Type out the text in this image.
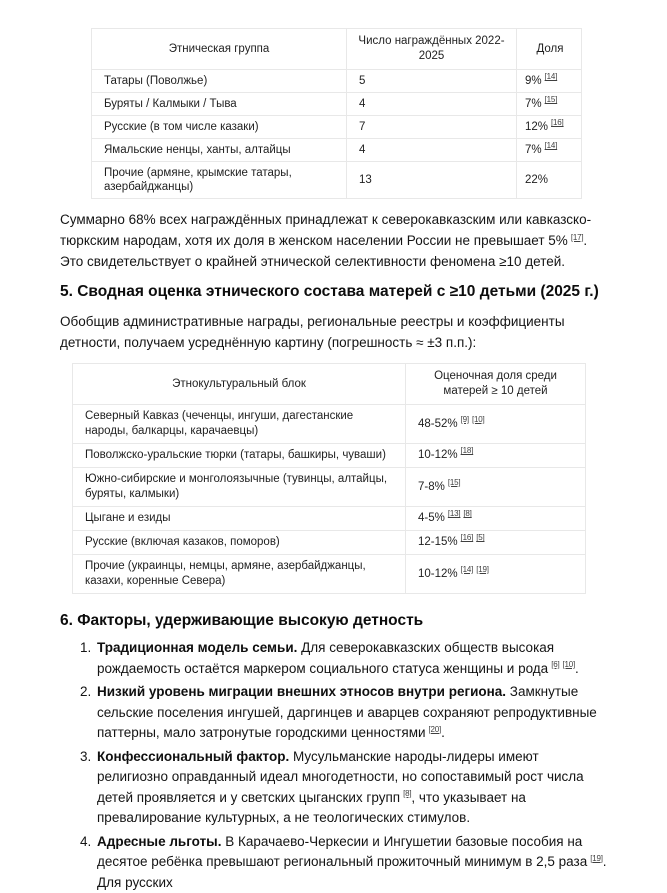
Этническая группа	Число награждённых 2022-2025	Доля
Татары (Поволжье)	5	9% [14]
Буряты / Калмыки / Тыва	4	7% [15]
Русские (в том числе казаки)	7	12% [16]
Ямальские ненцы, ханты, алтайцы	4	7% [14]
Прочие (армяне, крымские татары, азербайджанцы)	13	22%

Суммарно 68% всех награждённых принадлежат к северокавказским или кавказско-тюркским народам, хотя их доля в женском населении России не превышает 5% [17]. Это свидетельствует о крайней этнической селективности феномена ≥10 детей.

5. Сводная оценка этнического состава матерей с ≥10 детьми (2025 г.)

Обобщив административные награды, региональные реестры и коэффициенты детности, получаем усреднённую картину (погрешность ≈ ±3 п.п.):

Этнокультуральный блок	Оценочная доля среди матерей ≥ 10 детей
Северный Кавказ (чеченцы, ингуши, дагестанские народы, балкарцы, карачаевцы)	48-52% [9] [10]
Поволжско-уральские тюрки (татары, башкиры, чуваши)	10-12% [18]
Южно-сибирские и монголоязычные (тувинцы, алтайцы, буряты, калмыки)	7-8% [15]
Цыгане и езиды	4-5% [13] [8]
Русские (включая казаков, поморов)	12-15% [16] [5]
Прочие (украинцы, немцы, армяне, азербайджанцы, казахи, коренные Севера)	10-12% [14] [19]
6. Факторы, удерживающие высокую детность
1. Традиционная модель семьи. Для северокавказских обществ высокая рождаемость остаётся маркером социального статуса женщины и рода [6] [10].
2. Низкий уровень миграции внешних этносов внутри региона. Замкнутые сельские поселения ингушей, даргинцев и аварцев сохраняют репродуктивные паттерны, мало затронутые городскими ценностями [20].
3. Конфессиональный фактор. Мусульманские народы-лидеры имеют религиозно оправданный идеал многодетности, но сопоставимый рост числа детей проявляется и у светских цыганских групп [8], что указывает на превалирование культурных, а не теологических стимулов.
4. Адресные льготы. В Карачаево-Черкесии и Ингушетии базовые пособия на десятое ребёнка превышают региональный прожиточный минимум в 2,5 раза [19]. Для русских
